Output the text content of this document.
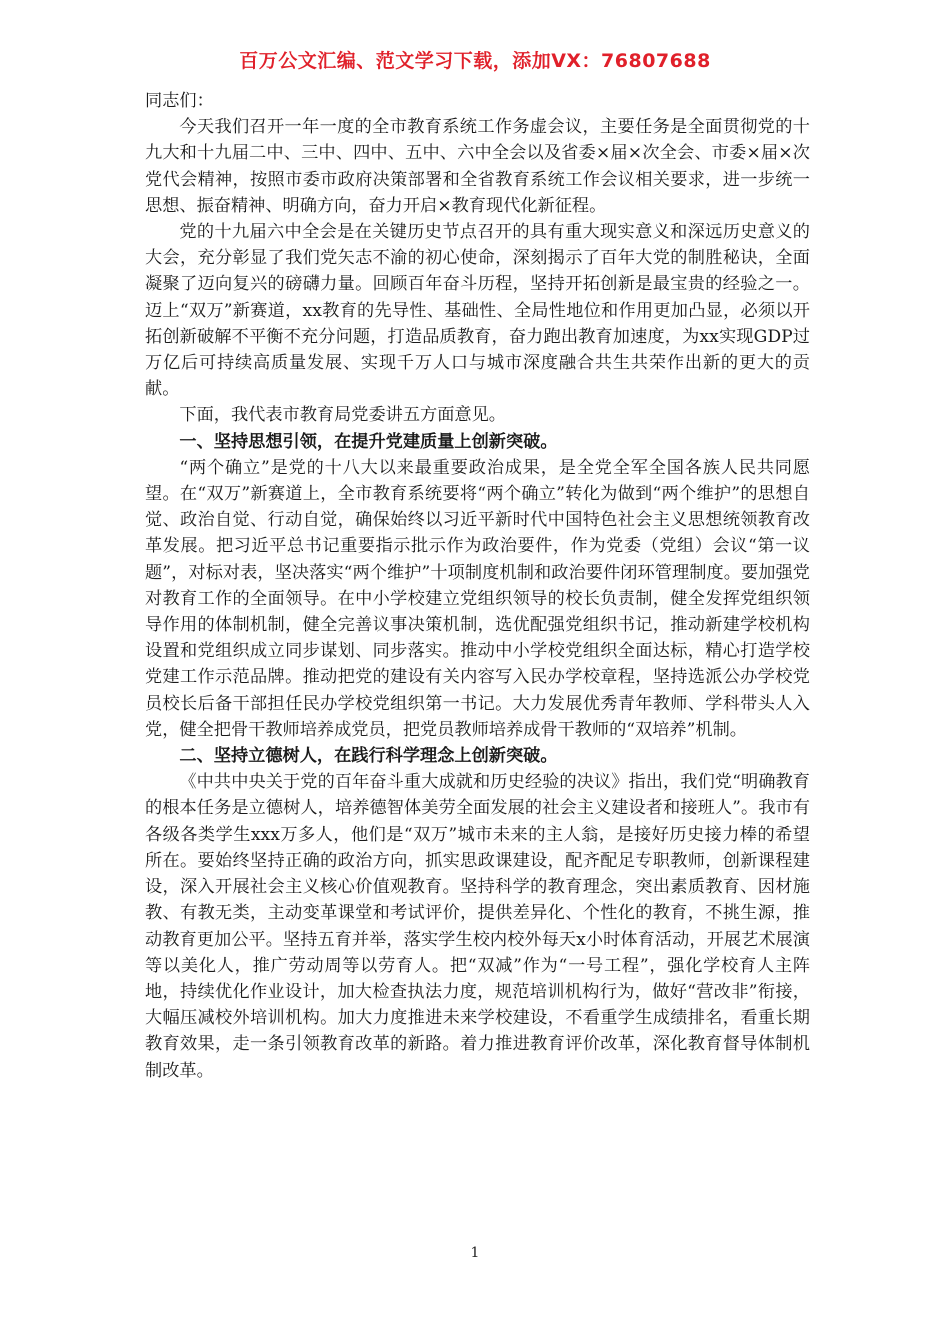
百万公文汇编、范文学习下载，添加VX：76807688

同志们：

今天我们召开一年一度的全市教育系统工作务虚会议，主要任务是全面贯彻党的十九大和十九届二中、三中、四中、五中、六中全会以及省委×届×次全会、市委×届×次党代会精神，按照市委市政府决策部署和全省教育系统工作会议相关要求，进一步统一思想、振奋精神、明确方向，奋力开启×教育现代化新征程。

党的十九届六中全会是在关键历史节点召开的具有重大现实意义和深远历史意义的大会，充分彰显了我们党矢志不渝的初心使命，深刻揭示了百年大党的制胜秘诀，全面凝聚了迈向复兴的磅礴力量。回顾百年奋斗历程，坚持开拓创新是最宝贵的经验之一。迈上“双万”新赛道，xx教育的先导性、基础性、全局性地位和作用更加凸显，必须以开拓创新破解不平衡不充分问题，打造品质教育，奋力跑出教育加速度，为xx实现GDP过万亿后可持续高质量发展、实现千万人口与城市深度融合共生共荣作出新的更大的贡献。

下面，我代表市教育局党委讲五方面意见。

一、坚持思想引领，在提升党建质量上创新突破。

“两个确立”是党的十八大以来最重要政治成果，是全党全军全国各族人民共同愿望。在“双万”新赛道上，全市教育系统要将“两个确立”转化为做到“两个维护”的思想自觉、政治自觉、行动自觉，确保始终以习近平新时代中国特色社会主义思想统领教育改革发展。把习近平总书记重要指示批示作为政治要件，作为党委（党组）会议“第一议题”，对标对表，坚决落实“两个维护”十项制度机制和政治要件闭环管理制度。要加强党对教育工作的全面领导。在中小学校建立党组织领导的校长负责制，健全发挥党组织领导作用的体制机制，健全完善议事决策机制，选优配强党组织书记，推动新建学校机构设置和党组织成立同步谋划、同步落实。推动中小学校党组织全面达标，精心打造学校党建工作示范品牌。推动把党的建设有关内容写入民办学校章程，坚持选派公办学校党员校长后备干部担任民办学校党组织第一书记。大力发展优秀青年教师、学科带头人入党，健全把骨干教师培养成党员，把党员教师培养成骨干教师的“双培养”机制。

二、坚持立德树人，在践行科学理念上创新突破。

《中共中央关于党的百年奋斗重大成就和历史经验的决议》指出，我们党“明确教育的根本任务是立德树人，培养德智体美劳全面发展的社会主义建设者和接班人”。我市有各级各类学生xxx万多人，他们是“双万”城市未来的主人翁，是接好历史接力棒的希望所在。要始终坚持正确的政治方向，抓实思政课建设，配齐配足专职教师，创新课程建设，深入开展社会主义核心价值观教育。坚持科学的教育理念，突出素质教育、因材施教、有教无类，主动变革课堂和考试评价，提供差异化、个性化的教育，不挑生源，推动教育更加公平。坚持五育并举，落实学生校内校外每天x小时体育活动，开展艺术展演等以美化人，推广劳动周等以劳育人。把“双减”作为“一号工程”，强化学校育人主阵地，持续优化作业设计，加大检查执法力度，规范培训机构行为，做好“营改非”衔接，大幅压减校外培训机构。加大力度推进未来学校建设，不看重学生成绩排名，看重长期教育效果，走一条引领教育改革的新路。着力推进教育评价改革，深化教育督导体制机制改革。

1
